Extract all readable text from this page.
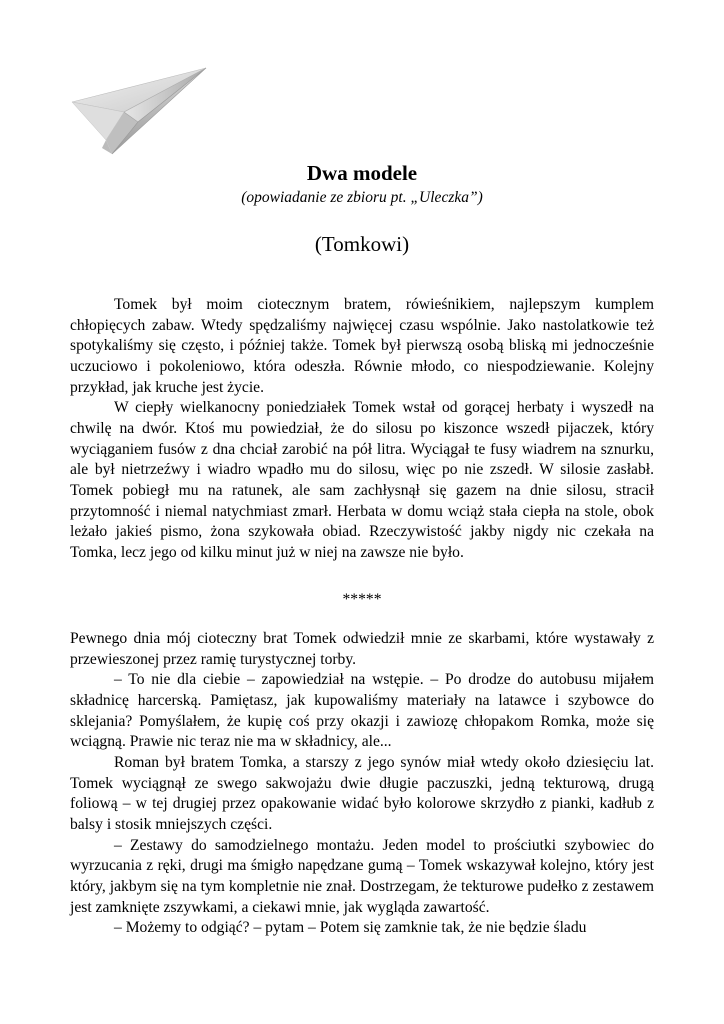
Dwa modele

(opowiadanie ze zbioru pt. „Uleczka”)

(Tomkowi)

Tomek był moim ciotecznym bratem, rówieśnikiem, najlepszym kumplem chłopięcych zabaw. Wtedy spędzaliśmy najwięcej czasu wspólnie. Jako nastolatkowie też spotykaliśmy się często, i później także. Tomek był pierwszą osobą bliską mi jednocześnie uczuciowo i pokoleniowo, która odeszła. Równie młodo, co niespodziewanie. Kolejny przykład, jak kruche jest życie.

W ciepły wielkanocny poniedziałek Tomek wstał od gorącej herbaty i wyszedł na chwilę na dwór. Ktoś mu powiedział, że do silosu po kiszonce wszedł pijaczek, który wyciąganiem fusów z dna chciał zarobić na pół litra. Wyciągał te fusy wiadrem na sznurku, ale był nietrzeźwy i wiadro wpadło mu do silosu, więc po nie zszedł. W silosie zasłabł. Tomek pobiegł mu na ratunek, ale sam zachłysnął się gazem na dnie silosu, stracił przytomność i niemal natychmiast zmarł. Herbata w domu wciąż stała ciepła na stole, obok leżało jakieś pismo, żona szykowała obiad. Rzeczywistość jakby nigdy nic czekała na Tomka, lecz jego od kilku minut już w niej na zawsze nie było.

*****

Pewnego dnia mój cioteczny brat Tomek odwiedził mnie ze skarbami, które wystawały z przewieszonej przez ramię turystycznej torby.

– To nie dla ciebie – zapowiedział na wstępie. – Po drodze do autobusu mijałem składnicę harcerską. Pamiętasz, jak kupowaliśmy materiały na latawce i szybowce do sklejania? Pomyślałem, że kupię coś przy okazji i zawiozę chłopakom Romka, może się wciągną. Prawie nic teraz nie ma w składnicy, ale...

Roman był bratem Tomka, a starszy z jego synów miał wtedy około dziesięciu lat. Tomek wyciągnął ze swego sakwojażu dwie długie paczuszki, jedną tekturową, drugą foliową – w tej drugiej przez opakowanie widać było kolorowe skrzydło z pianki, kadłub z balsy i stosik mniejszych części.

– Zestawy do samodzielnego montażu. Jeden model to prościutki szybowiec do wyrzucania z ręki, drugi ma śmigło napędzane gumą – Tomek wskazywał kolejno, który jest który, jakbym się na tym kompletnie nie znał. Dostrzegam, że tekturowe pudełko z zestawem jest zamknięte zszywkami, a ciekawi mnie, jak wygląda zawartość.

– Możemy to odgiąć? – pytam – Potem się zamknie tak, że nie będzie śladu
